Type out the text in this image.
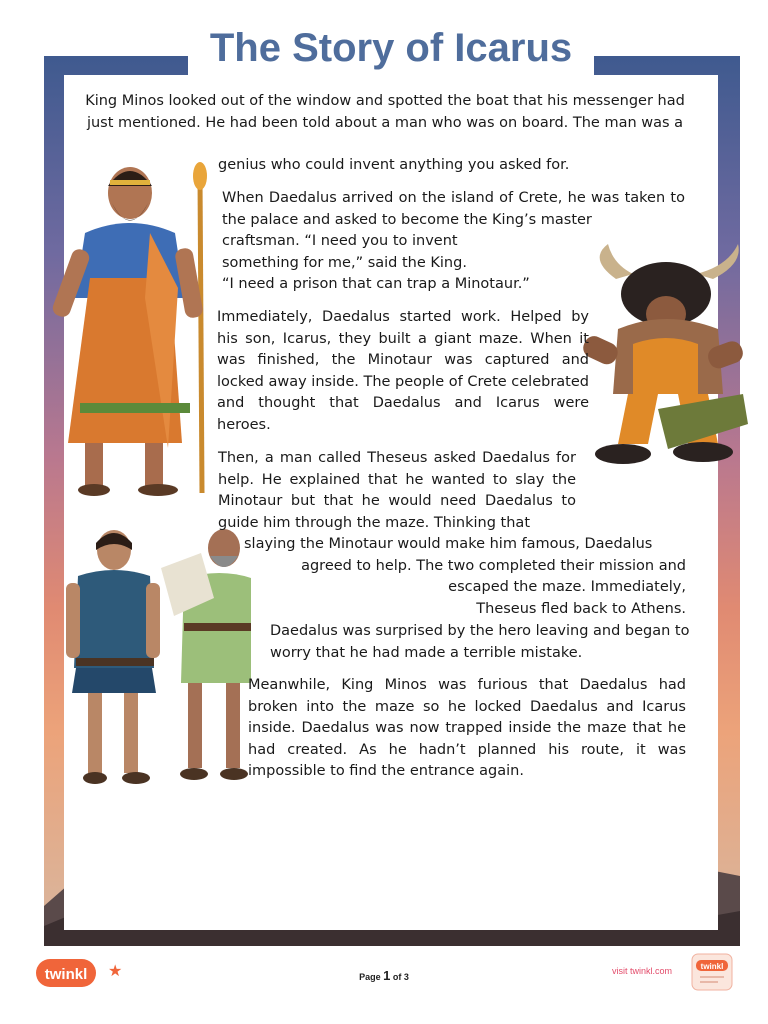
The Story of Icarus

King Minos looked out of the window and spotted the boat that his messenger had just mentioned. He had been told about a man who was on board. The man was a

genius who could invent anything you asked for.

When Daedalus arrived on the island of Crete, he was taken to the palace and asked to become the King’s master

craftsman. “I need you to invent

something for me,” said the King.

“I need a prison that can trap a Minotaur.”

Immediately, Daedalus started work. Helped by his son, Icarus, they built a giant maze. When it was finished, the Minotaur was captured and locked away inside. The people of Crete celebrated and thought that Daedalus and Icarus were heroes.

Then, a man called Theseus asked Daedalus for help. He explained that he wanted to slay the Minotaur but that he would need Daedalus to guide him through the maze. Thinking that

slaying the Minotaur would make him famous, Daedalus

agreed to help. The two completed their mission and

escaped the maze. Immediately, Theseus fled back to Athens.

Daedalus was surprised by the hero leaving and began to worry that he had made a terrible mistake.

Meanwhile, King Minos was furious that Daedalus had broken into the maze so he locked Daedalus and Icarus inside. Daedalus was now trapped inside the maze that he had created. As he hadn’t planned his route, it was impossible to find the entrance again.

twinkl ★	Page 1 of 3
visit twinkl.com	twinkl
